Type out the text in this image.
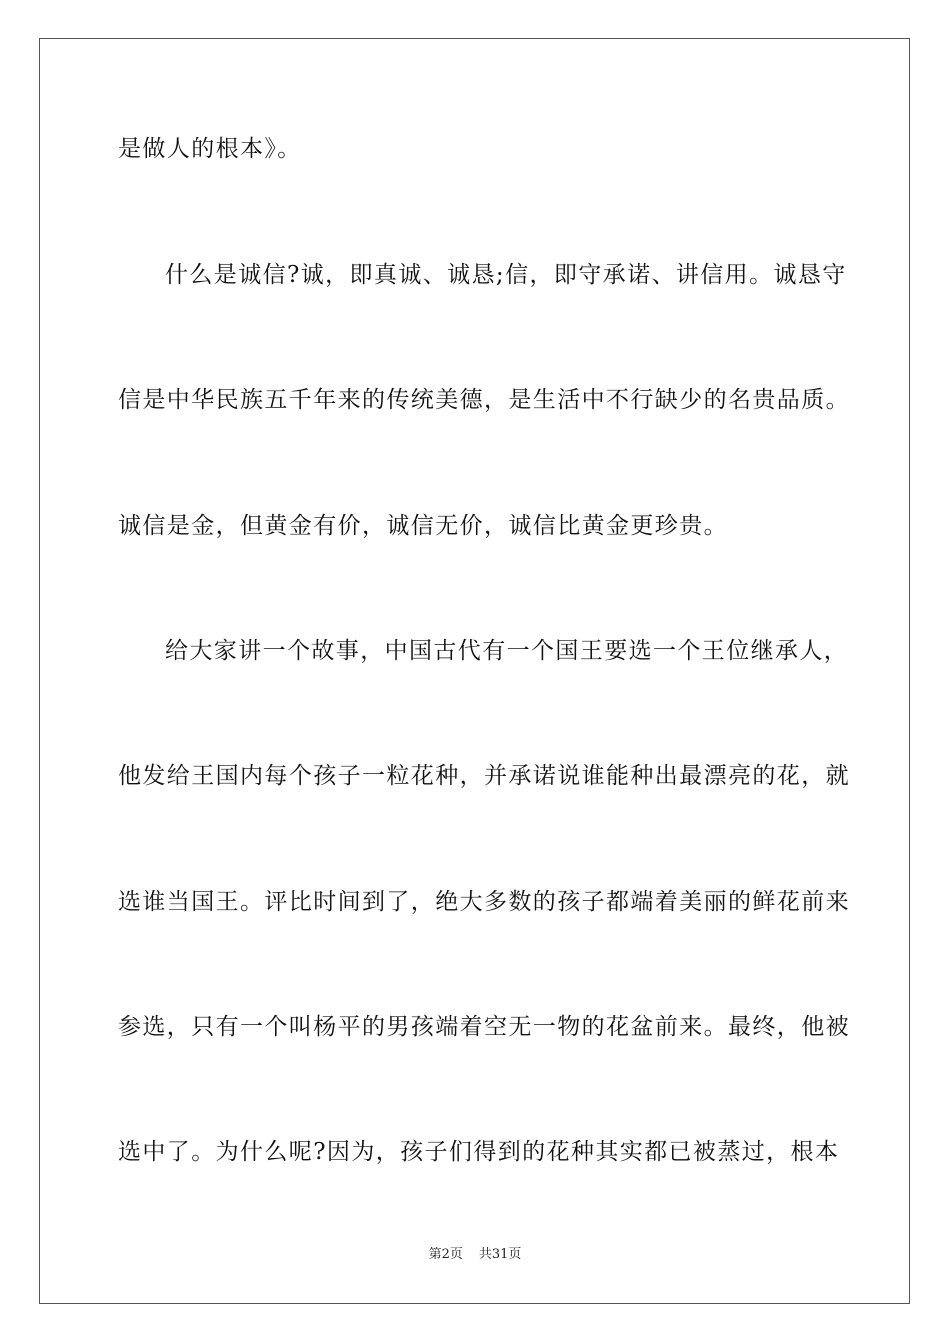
是做人的根本》。
什么是诚信?诚，即真诚、诚恳;信，即守承诺、讲信用。诚恳守
信是中华民族五千年来的传统美德，是生活中不行缺少的名贵品质。
诚信是金，但黄金有价，诚信无价，诚信比黄金更珍贵。
给大家讲一个故事，中国古代有一个国王要选一个王位继承人，
他发给王国内每个孩子一粒花种，并承诺说谁能种出最漂亮的花，就
选谁当国王。评比时间到了，绝大多数的孩子都端着美丽的鲜花前来
参选，只有一个叫杨平的男孩端着空无一物的花盆前来。最终，他被
选中了。为什么呢?因为，孩子们得到的花种其实都已被蒸过，根本
第2页 共31页
